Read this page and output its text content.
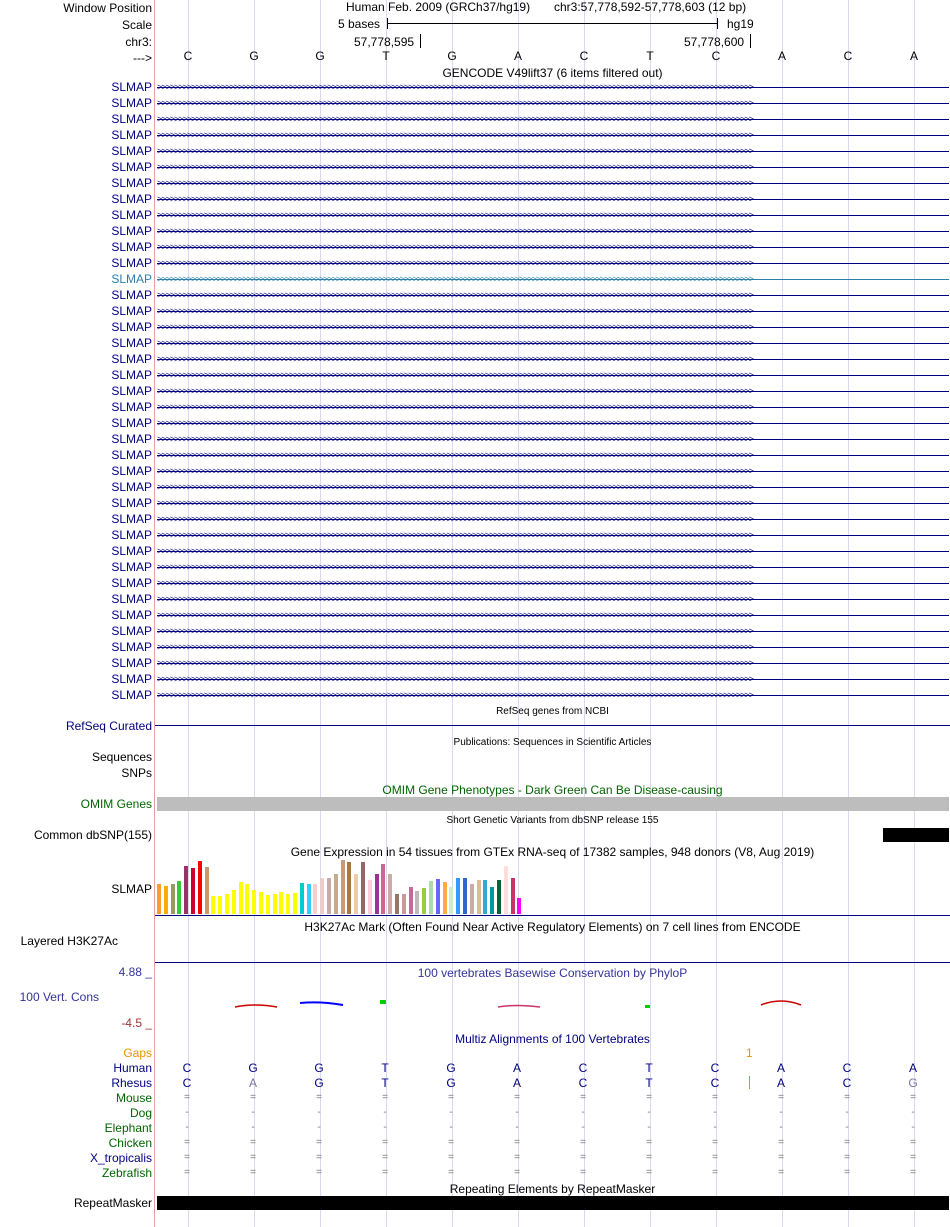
Window Position
Scale
chr3:
--->
Human Feb. 2009 (GRCh37/hg19) chr3:57,778,592-57,778,603 (12 bp)
5 bases	hg19
57,778,595	57,778,600
C	G	G	T	G	A	C	T	C	A	C	A
GENCODE V49lift37 (6 items filtered out)
SLMAP >>>>>>>>>>>>>>>>>>>>>>>>>>>>>>>>>>>>>>>>>>>>>>>>>>>>>>>>>>>>>>>>>>>>>>>>>>>>>>>>>>>>>>>>>>>>>>>>>>>>>>>>>>>>>>>>>>>>>>>>>>>>>>>>>>>>>>>>>>>>
SLMAP >>>>>>>>>>>>>>>>>>>>>>>>>>>>>>>>>>>>>>>>>>>>>>>>>>>>>>>>>>>>>>>>>>>>>>>>>>>>>>>>>>>>>>>>>>>>>>>>>>>>>>>>>>>>>>>>>>>>>>>>>>>>>>>>>>>>>>>>>>>>
SLMAP >>>>>>>>>>>>>>>>>>>>>>>>>>>>>>>>>>>>>>>>>>>>>>>>>>>>>>>>>>>>>>>>>>>>>>>>>>>>>>>>>>>>>>>>>>>>>>>>>>>>>>>>>>>>>>>>>>>>>>>>>>>>>>>>>>>>>>>>>>>>
SLMAP >>>>>>>>>>>>>>>>>>>>>>>>>>>>>>>>>>>>>>>>>>>>>>>>>>>>>>>>>>>>>>>>>>>>>>>>>>>>>>>>>>>>>>>>>>>>>>>>>>>>>>>>>>>>>>>>>>>>>>>>>>>>>>>>>>>>>>>>>>>>
SLMAP >>>>>>>>>>>>>>>>>>>>>>>>>>>>>>>>>>>>>>>>>>>>>>>>>>>>>>>>>>>>>>>>>>>>>>>>>>>>>>>>>>>>>>>>>>>>>>>>>>>>>>>>>>>>>>>>>>>>>>>>>>>>>>>>>>>>>>>>>>>>
SLMAP >>>>>>>>>>>>>>>>>>>>>>>>>>>>>>>>>>>>>>>>>>>>>>>>>>>>>>>>>>>>>>>>>>>>>>>>>>>>>>>>>>>>>>>>>>>>>>>>>>>>>>>>>>>>>>>>>>>>>>>>>>>>>>>>>>>>>>>>>>>>
SLMAP >>>>>>>>>>>>>>>>>>>>>>>>>>>>>>>>>>>>>>>>>>>>>>>>>>>>>>>>>>>>>>>>>>>>>>>>>>>>>>>>>>>>>>>>>>>>>>>>>>>>>>>>>>>>>>>>>>>>>>>>>>>>>>>>>>>>>>>>>>>>
SLMAP >>>>>>>>>>>>>>>>>>>>>>>>>>>>>>>>>>>>>>>>>>>>>>>>>>>>>>>>>>>>>>>>>>>>>>>>>>>>>>>>>>>>>>>>>>>>>>>>>>>>>>>>>>>>>>>>>>>>>>>>>>>>>>>>>>>>>>>>>>>>
SLMAP >>>>>>>>>>>>>>>>>>>>>>>>>>>>>>>>>>>>>>>>>>>>>>>>>>>>>>>>>>>>>>>>>>>>>>>>>>>>>>>>>>>>>>>>>>>>>>>>>>>>>>>>>>>>>>>>>>>>>>>>>>>>>>>>>>>>>>>>>>>>
SLMAP >>>>>>>>>>>>>>>>>>>>>>>>>>>>>>>>>>>>>>>>>>>>>>>>>>>>>>>>>>>>>>>>>>>>>>>>>>>>>>>>>>>>>>>>>>>>>>>>>>>>>>>>>>>>>>>>>>>>>>>>>>>>>>>>>>>>>>>>>>>>
SLMAP >>>>>>>>>>>>>>>>>>>>>>>>>>>>>>>>>>>>>>>>>>>>>>>>>>>>>>>>>>>>>>>>>>>>>>>>>>>>>>>>>>>>>>>>>>>>>>>>>>>>>>>>>>>>>>>>>>>>>>>>>>>>>>>>>>>>>>>>>>>>
SLMAP >>>>>>>>>>>>>>>>>>>>>>>>>>>>>>>>>>>>>>>>>>>>>>>>>>>>>>>>>>>>>>>>>>>>>>>>>>>>>>>>>>>>>>>>>>>>>>>>>>>>>>>>>>>>>>>>>>>>>>>>>>>>>>>>>>>>>>>>>>>>
SLMAP >>>>>>>>>>>>>>>>>>>>>>>>>>>>>>>>>>>>>>>>>>>>>>>>>>>>>>>>>>>>>>>>>>>>>>>>>>>>>>>>>>>>>>>>>>>>>>>>>>>>>>>>>>>>>>>>>>>>>>>>>>>>>>>>>>>>>>>>>>>>
SLMAP >>>>>>>>>>>>>>>>>>>>>>>>>>>>>>>>>>>>>>>>>>>>>>>>>>>>>>>>>>>>>>>>>>>>>>>>>>>>>>>>>>>>>>>>>>>>>>>>>>>>>>>>>>>>>>>>>>>>>>>>>>>>>>>>>>>>>>>>>>>>
SLMAP >>>>>>>>>>>>>>>>>>>>>>>>>>>>>>>>>>>>>>>>>>>>>>>>>>>>>>>>>>>>>>>>>>>>>>>>>>>>>>>>>>>>>>>>>>>>>>>>>>>>>>>>>>>>>>>>>>>>>>>>>>>>>>>>>>>>>>>>>>>>
SLMAP >>>>>>>>>>>>>>>>>>>>>>>>>>>>>>>>>>>>>>>>>>>>>>>>>>>>>>>>>>>>>>>>>>>>>>>>>>>>>>>>>>>>>>>>>>>>>>>>>>>>>>>>>>>>>>>>>>>>>>>>>>>>>>>>>>>>>>>>>>>>
SLMAP >>>>>>>>>>>>>>>>>>>>>>>>>>>>>>>>>>>>>>>>>>>>>>>>>>>>>>>>>>>>>>>>>>>>>>>>>>>>>>>>>>>>>>>>>>>>>>>>>>>>>>>>>>>>>>>>>>>>>>>>>>>>>>>>>>>>>>>>>>>>
SLMAP >>>>>>>>>>>>>>>>>>>>>>>>>>>>>>>>>>>>>>>>>>>>>>>>>>>>>>>>>>>>>>>>>>>>>>>>>>>>>>>>>>>>>>>>>>>>>>>>>>>>>>>>>>>>>>>>>>>>>>>>>>>>>>>>>>>>>>>>>>>>
SLMAP >>>>>>>>>>>>>>>>>>>>>>>>>>>>>>>>>>>>>>>>>>>>>>>>>>>>>>>>>>>>>>>>>>>>>>>>>>>>>>>>>>>>>>>>>>>>>>>>>>>>>>>>>>>>>>>>>>>>>>>>>>>>>>>>>>>>>>>>>>>>
SLMAP >>>>>>>>>>>>>>>>>>>>>>>>>>>>>>>>>>>>>>>>>>>>>>>>>>>>>>>>>>>>>>>>>>>>>>>>>>>>>>>>>>>>>>>>>>>>>>>>>>>>>>>>>>>>>>>>>>>>>>>>>>>>>>>>>>>>>>>>>>>>
SLMAP >>>>>>>>>>>>>>>>>>>>>>>>>>>>>>>>>>>>>>>>>>>>>>>>>>>>>>>>>>>>>>>>>>>>>>>>>>>>>>>>>>>>>>>>>>>>>>>>>>>>>>>>>>>>>>>>>>>>>>>>>>>>>>>>>>>>>>>>>>>>
SLMAP >>>>>>>>>>>>>>>>>>>>>>>>>>>>>>>>>>>>>>>>>>>>>>>>>>>>>>>>>>>>>>>>>>>>>>>>>>>>>>>>>>>>>>>>>>>>>>>>>>>>>>>>>>>>>>>>>>>>>>>>>>>>>>>>>>>>>>>>>>>>
SLMAP >>>>>>>>>>>>>>>>>>>>>>>>>>>>>>>>>>>>>>>>>>>>>>>>>>>>>>>>>>>>>>>>>>>>>>>>>>>>>>>>>>>>>>>>>>>>>>>>>>>>>>>>>>>>>>>>>>>>>>>>>>>>>>>>>>>>>>>>>>>>
SLMAP >>>>>>>>>>>>>>>>>>>>>>>>>>>>>>>>>>>>>>>>>>>>>>>>>>>>>>>>>>>>>>>>>>>>>>>>>>>>>>>>>>>>>>>>>>>>>>>>>>>>>>>>>>>>>>>>>>>>>>>>>>>>>>>>>>>>>>>>>>>>
SLMAP >>>>>>>>>>>>>>>>>>>>>>>>>>>>>>>>>>>>>>>>>>>>>>>>>>>>>>>>>>>>>>>>>>>>>>>>>>>>>>>>>>>>>>>>>>>>>>>>>>>>>>>>>>>>>>>>>>>>>>>>>>>>>>>>>>>>>>>>>>>>
SLMAP >>>>>>>>>>>>>>>>>>>>>>>>>>>>>>>>>>>>>>>>>>>>>>>>>>>>>>>>>>>>>>>>>>>>>>>>>>>>>>>>>>>>>>>>>>>>>>>>>>>>>>>>>>>>>>>>>>>>>>>>>>>>>>>>>>>>>>>>>>>>
SLMAP >>>>>>>>>>>>>>>>>>>>>>>>>>>>>>>>>>>>>>>>>>>>>>>>>>>>>>>>>>>>>>>>>>>>>>>>>>>>>>>>>>>>>>>>>>>>>>>>>>>>>>>>>>>>>>>>>>>>>>>>>>>>>>>>>>>>>>>>>>>>
SLMAP >>>>>>>>>>>>>>>>>>>>>>>>>>>>>>>>>>>>>>>>>>>>>>>>>>>>>>>>>>>>>>>>>>>>>>>>>>>>>>>>>>>>>>>>>>>>>>>>>>>>>>>>>>>>>>>>>>>>>>>>>>>>>>>>>>>>>>>>>>>>
SLMAP >>>>>>>>>>>>>>>>>>>>>>>>>>>>>>>>>>>>>>>>>>>>>>>>>>>>>>>>>>>>>>>>>>>>>>>>>>>>>>>>>>>>>>>>>>>>>>>>>>>>>>>>>>>>>>>>>>>>>>>>>>>>>>>>>>>>>>>>>>>>
SLMAP >>>>>>>>>>>>>>>>>>>>>>>>>>>>>>>>>>>>>>>>>>>>>>>>>>>>>>>>>>>>>>>>>>>>>>>>>>>>>>>>>>>>>>>>>>>>>>>>>>>>>>>>>>>>>>>>>>>>>>>>>>>>>>>>>>>>>>>>>>>>
SLMAP >>>>>>>>>>>>>>>>>>>>>>>>>>>>>>>>>>>>>>>>>>>>>>>>>>>>>>>>>>>>>>>>>>>>>>>>>>>>>>>>>>>>>>>>>>>>>>>>>>>>>>>>>>>>>>>>>>>>>>>>>>>>>>>>>>>>>>>>>>>>
SLMAP >>>>>>>>>>>>>>>>>>>>>>>>>>>>>>>>>>>>>>>>>>>>>>>>>>>>>>>>>>>>>>>>>>>>>>>>>>>>>>>>>>>>>>>>>>>>>>>>>>>>>>>>>>>>>>>>>>>>>>>>>>>>>>>>>>>>>>>>>>>>
SLMAP >>>>>>>>>>>>>>>>>>>>>>>>>>>>>>>>>>>>>>>>>>>>>>>>>>>>>>>>>>>>>>>>>>>>>>>>>>>>>>>>>>>>>>>>>>>>>>>>>>>>>>>>>>>>>>>>>>>>>>>>>>>>>>>>>>>>>>>>>>>>
SLMAP >>>>>>>>>>>>>>>>>>>>>>>>>>>>>>>>>>>>>>>>>>>>>>>>>>>>>>>>>>>>>>>>>>>>>>>>>>>>>>>>>>>>>>>>>>>>>>>>>>>>>>>>>>>>>>>>>>>>>>>>>>>>>>>>>>>>>>>>>>>>
SLMAP >>>>>>>>>>>>>>>>>>>>>>>>>>>>>>>>>>>>>>>>>>>>>>>>>>>>>>>>>>>>>>>>>>>>>>>>>>>>>>>>>>>>>>>>>>>>>>>>>>>>>>>>>>>>>>>>>>>>>>>>>>>>>>>>>>>>>>>>>>>>
SLMAP >>>>>>>>>>>>>>>>>>>>>>>>>>>>>>>>>>>>>>>>>>>>>>>>>>>>>>>>>>>>>>>>>>>>>>>>>>>>>>>>>>>>>>>>>>>>>>>>>>>>>>>>>>>>>>>>>>>>>>>>>>>>>>>>>>>>>>>>>>>>
SLMAP >>>>>>>>>>>>>>>>>>>>>>>>>>>>>>>>>>>>>>>>>>>>>>>>>>>>>>>>>>>>>>>>>>>>>>>>>>>>>>>>>>>>>>>>>>>>>>>>>>>>>>>>>>>>>>>>>>>>>>>>>>>>>>>>>>>>>>>>>>>>
SLMAP >>>>>>>>>>>>>>>>>>>>>>>>>>>>>>>>>>>>>>>>>>>>>>>>>>>>>>>>>>>>>>>>>>>>>>>>>>>>>>>>>>>>>>>>>>>>>>>>>>>>>>>>>>>>>>>>>>>>>>>>>>>>>>>>>>>>>>>>>>>>
SLMAP >>>>>>>>>>>>>>>>>>>>>>>>>>>>>>>>>>>>>>>>>>>>>>>>>>>>>>>>>>>>>>>>>>>>>>>>>>>>>>>>>>>>>>>>>>>>>>>>>>>>>>>>>>>>>>>>>>>>>>>>>>>>>>>>>>>>>>>>>>>>
RefSeq genes from NCBI
RefSeq Curated
Publications: Sequences in Scientific Articles
Sequences
SNPs
OMIM Gene Phenotypes - Dark Green Can Be Disease-causing
OMIM Genes
Short Genetic Variants from dbSNP release 155
Common dbSNP(155)
Gene Expression in 54 tissues from GTEx RNA-seq of 17382 samples, 948 donors (V8, Aug 2019)
SLMAP
H3K27Ac Mark (Often Found Near Active Regulatory Elements) on 7 cell lines from ENCODE
Layered H3K27Ac
100 vertebrates Basewise Conservation by PhyloP
4.88 _
100 Vert. Cons
-4.5 _
Multiz Alignments of 100 Vertebrates
1
Gaps
Human	C	G	G	T	G	A	C	T	C	A	C	A
Rhesus	C	A	G	T	G	A	C	T	C	A	C	G
Mouse	=	=	=	=	=	=	=	=	=	=	=	=
Dog	-	-	-	-	-	-	-	-	-	-	-	-
Elephant	-	-	-	-	-	-	-	-	-	-	-	-
Chicken	=	=	=	=	=	=	=	=	=	=	=	=
X_tropicalis	=	=	=	=	=	=	=	=	=	=	=	=
Zebrafish	=	=	=	=	=	=	=	=	=	=	=	=
Repeating Elements by RepeatMasker
RepeatMasker
